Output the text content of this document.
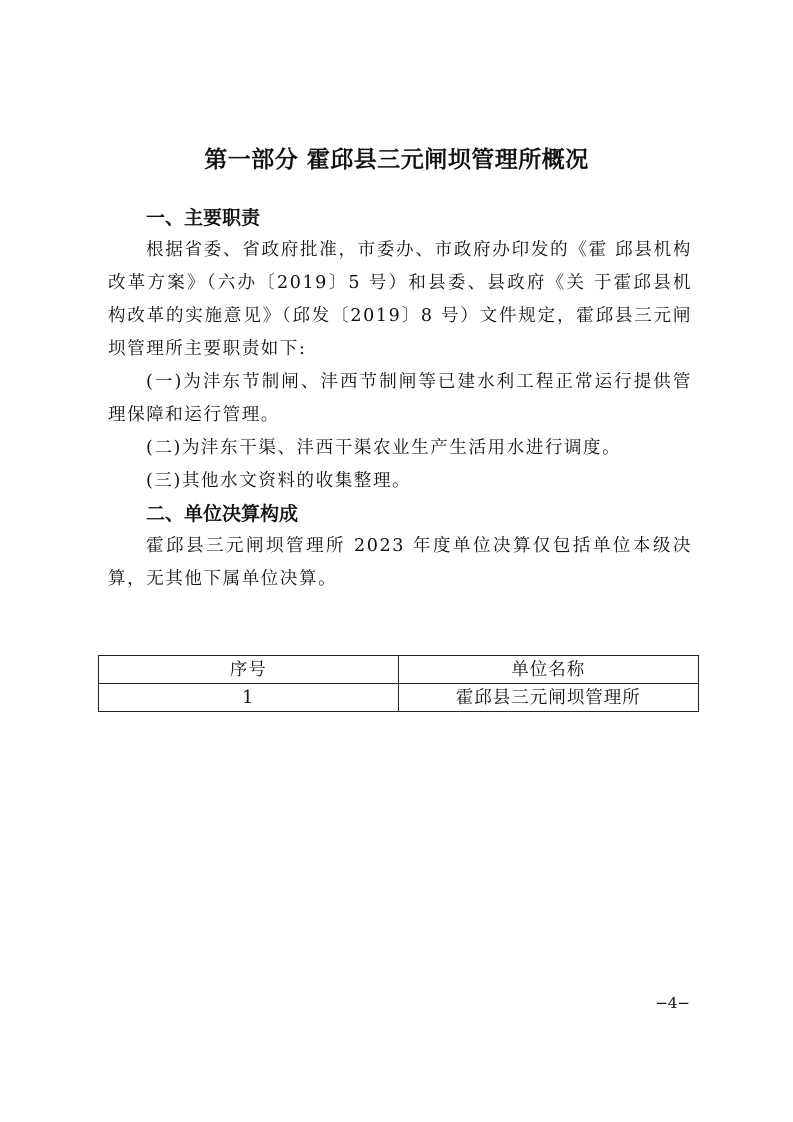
第一部分 霍邱县三元闸坝管理所概况
一、主要职责

根据省委、省政府批准，市委办、市政府办印发的《霍 邱县机构改革方案》（六办〔2019〕5 号）和县委、县政府《关 于霍邱县机构改革的实施意见》（邱发〔2019〕8 号）文件规定，霍邱县三元闸坝管理所主要职责如下:

(一)为沣东节制闸、沣西节制闸等已建水利工程正常运行提供管理保障和运行管理。

(二)为沣东干渠、沣西干渠农业生产生活用水进行调度。

(三)其他水文资料的收集整理。

二、单位决算构成

霍邱县三元闸坝管理所 2023 年度单位决算仅包括单位本级决算，无其他下属单位决算。

序号	单位名称
1	霍邱县三元闸坝管理所
−4−
